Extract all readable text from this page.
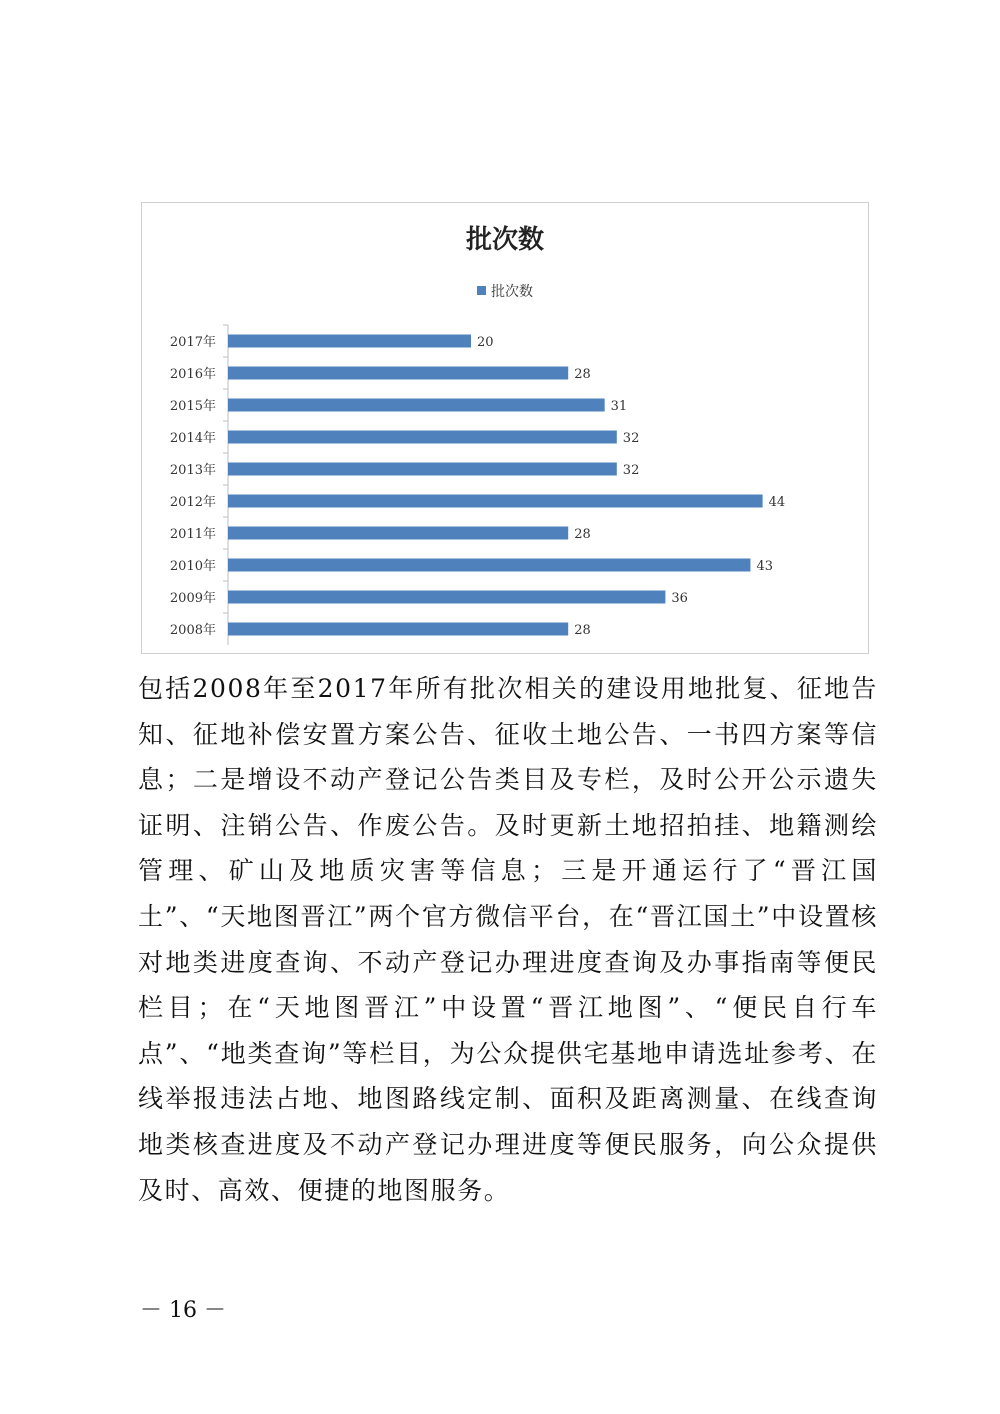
批次数
批次数
2017年	20
2016年	28
2015年	31
2014年	32
2013年	32
2012年	44
2011年	28
2010年	43
2009年	36
2008年	28

包括2008年至2017年所有批次相关的建设用地批复、征地告知、征地补偿安置方案公告、征收土地公告、一书四方案等信息；二是增设不动产登记公告类目及专栏，及时公开公示遗失证明、注销公告、作废公告。及时更新土地招拍挂、地籍测绘管理、矿山及地质灾害等信息；三是开通运行了“晋江国土”、“天地图晋江”两个官方微信平台，在“晋江国土”中设置核对地类进度查询、不动产登记办理进度查询及办事指南等便民栏目；在“天地图晋江”中设置“晋江地图”、“便民自行车点”、“地类查询”等栏目，为公众提供宅基地申请选址参考、在线举报违法占地、地图路线定制、面积及距离测量、在线查询地类核查进度及不动产登记办理进度等便民服务，向公众提供及时、高效、便捷的地图服务。

－ 16 －
